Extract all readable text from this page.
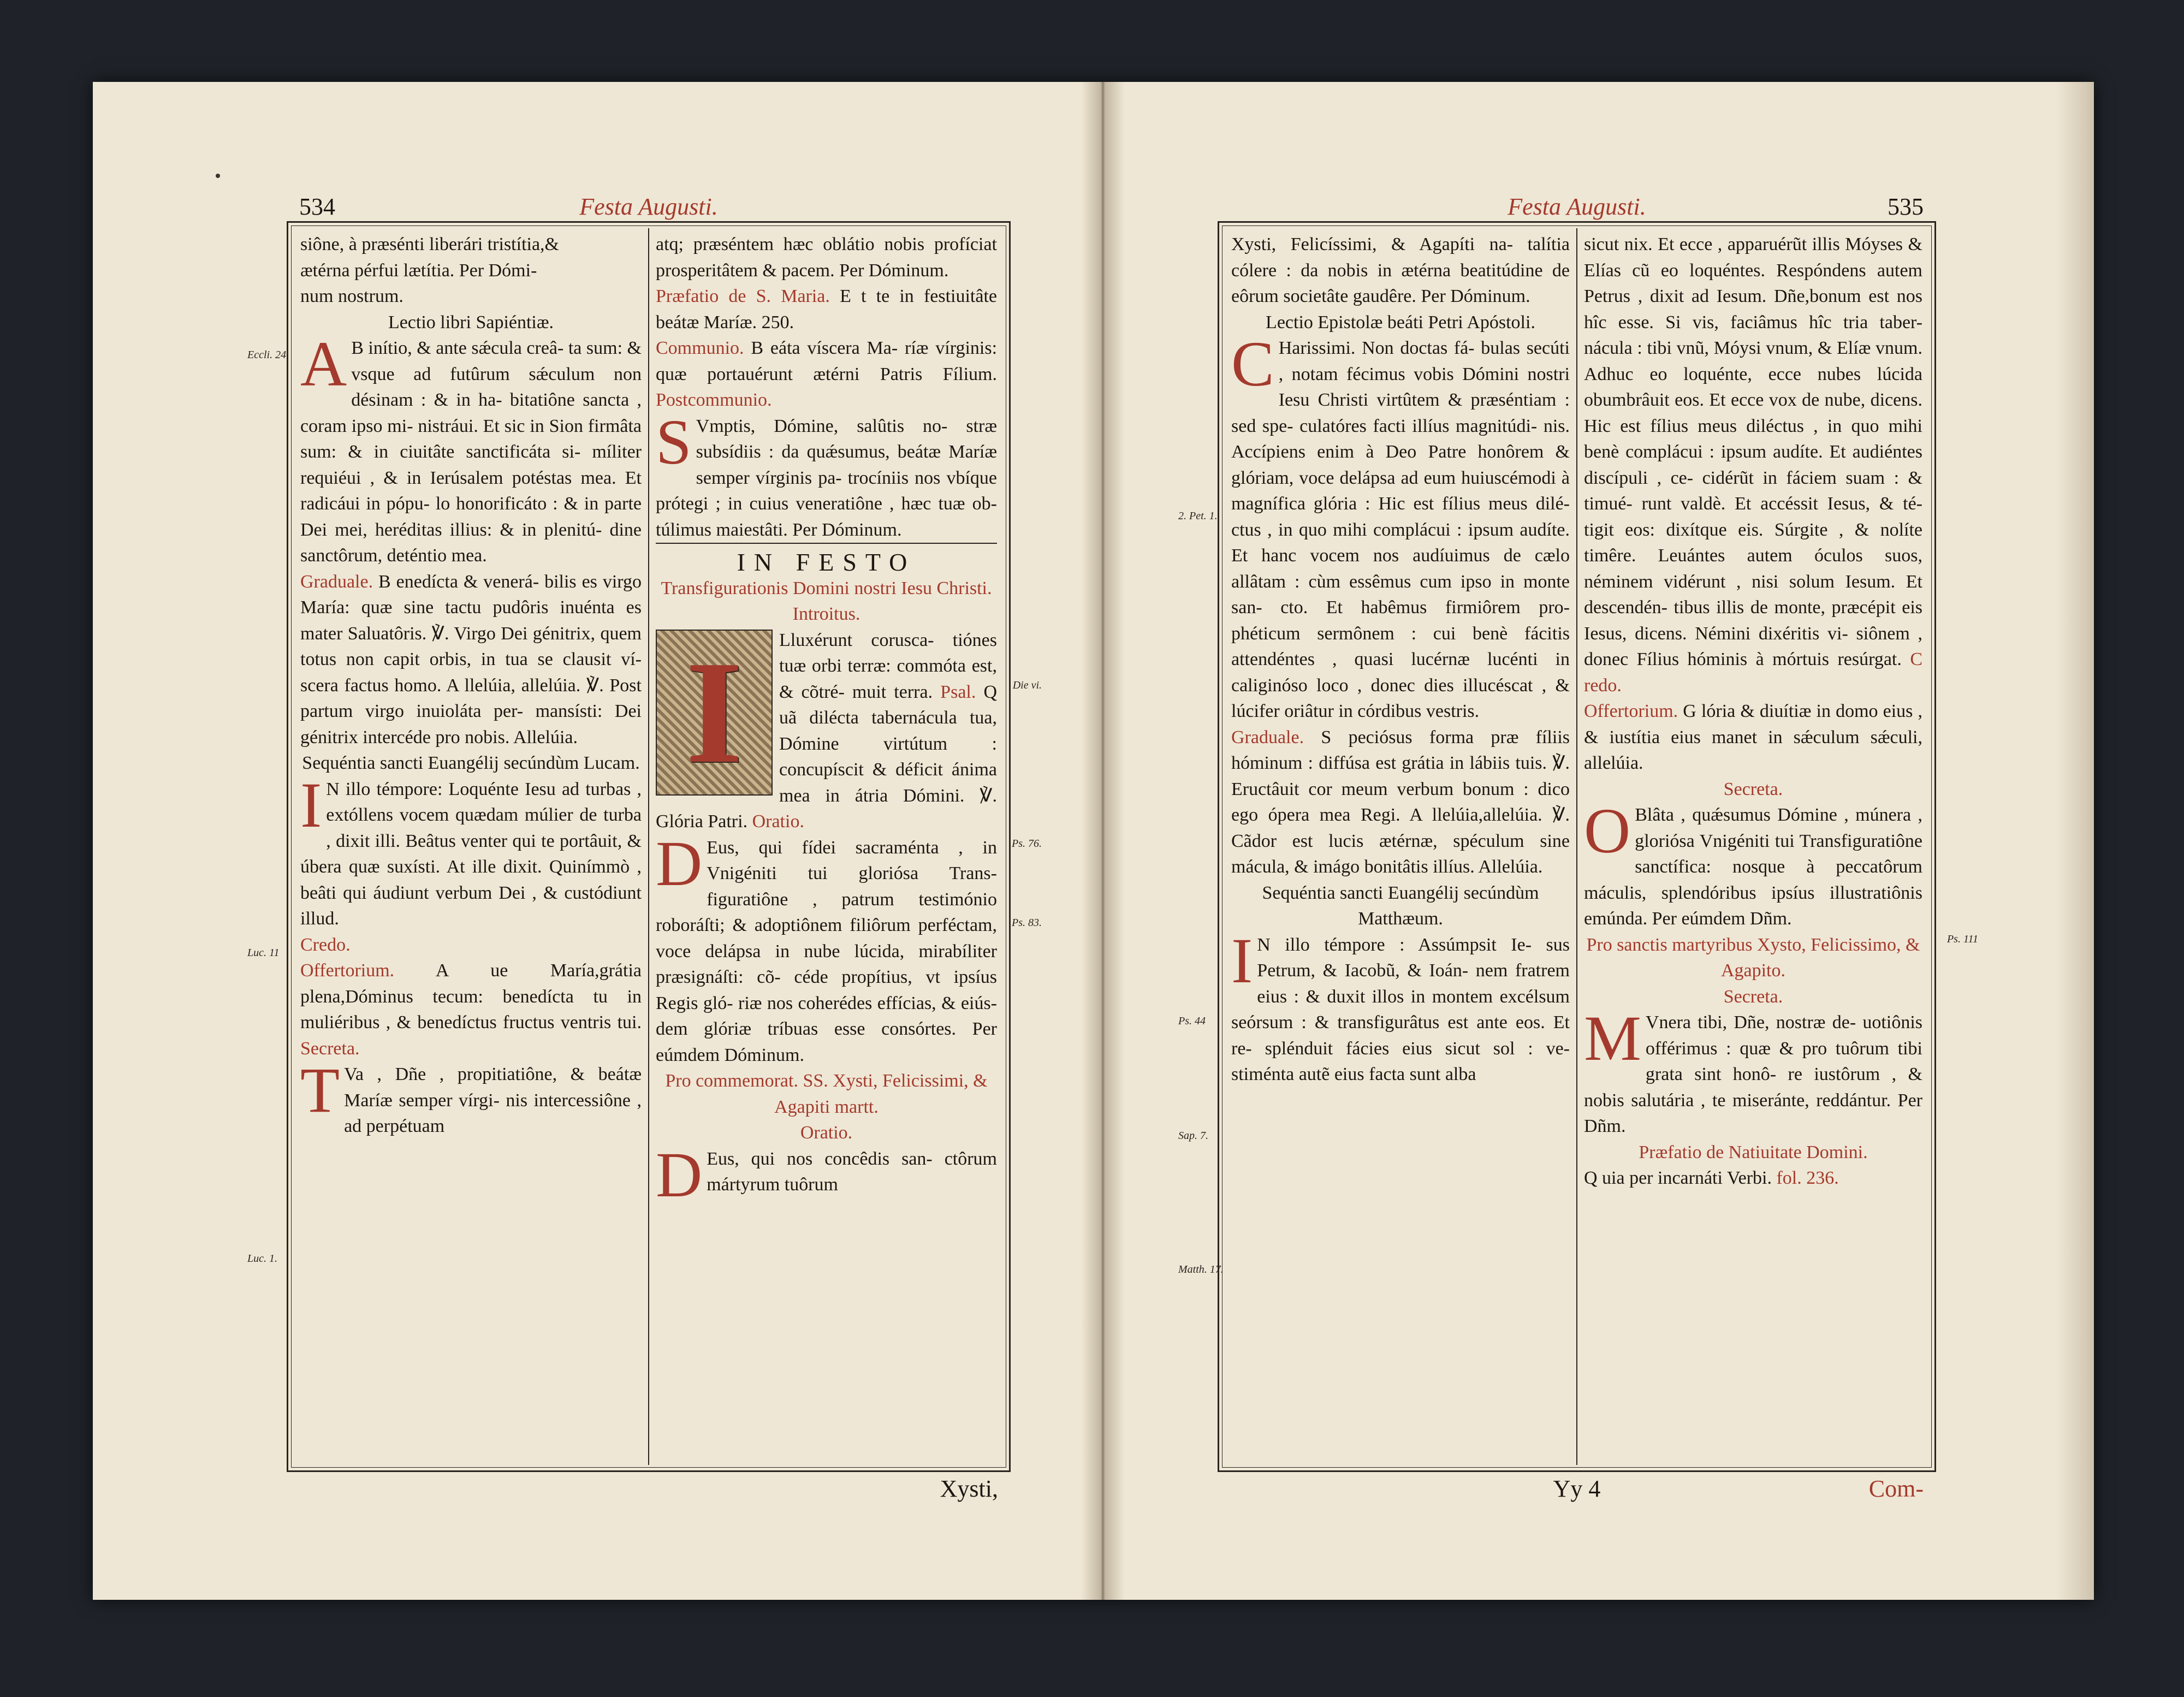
534	Festa Augusti.
Eccli. 24.
Luc. 11
Luc. 1.
Die vi.
Ps. 76.
Ps. 83.

siône, à præsénti liberári tristítia,&

ætérna pérfui lætítia. Per Dómi-

num nostrum.

Lectio libri Sapiéntiæ.

A B inítio, & ante sǽcula creâ- ta sum: & vsque ad futûrum sǽculum non désinam : & in ha- bitatiône sancta , coram ipso mi- nistráui. Et sic in Sion firmâta sum: & in ciuitâte sanctificáta si- míliter requiéui , & in Ierúsalem potéstas mea. Et radicáui in pópu- lo honorificáto : & in parte Dei mei, heréditas illius: & in plenitú- dine sanctôrum, deténtio mea.

Graduale. B enedícta & venerá- bilis es virgo María: quæ sine tactu pudôris inuénta es mater Saluatôris. ℣. Virgo Dei génitrix, quem totus non capit orbis, in tua se clausit ví- scera factus homo. A llelúia, allelúia. ℣. Post partum virgo inuioláta per- mansísti: Dei génitrix intercéde pro nobis. Allelúia.

Sequéntia sancti Euangélij secúndùm Lucam.

I N illo témpore: Loquénte Iesu ad turbas , extóllens vocem quædam múlier de turba , dixit illi. Beâtus venter qui te portâuit, & úbera quæ suxísti. At ille dixit. Quinímmò , beâti qui áudiunt verbum Dei , & custódiunt illud.

Credo.

Offertorium. A ue María,grátia plena,Dóminus tecum: benedícta tu in muliéribus , & benedíctus fructus ventris tui. Secreta.

T Va , Dñe , propitiatiône, & beátæ Maríæ semper vírgi- nis intercessiône , ad perpétuam

atq; præséntem hæc oblátio nobis profíciat prosperitâtem & pacem. Per Dóminum.

Præfatio de S. Maria. E t te in festiuitâte beátæ Maríæ. 250.

Communio. B eáta víscera Ma- ríæ vírginis: quæ portauérunt ætérni Patris Fílium. Postcommunio.

S Vmptis, Dómine, salûtis no- stræ subsídiis : da quǽsumus, beátæ Maríæ semper vírginis pa- trocíniis nos vbíque prótegi ; in cuius veneratiône , hæc tuæ ob- túlimus maiestâti. Per Dóminum.

IN FESTO

Transfigurationis Domini nostri Iesu Christi.

Introitus.

I	Lluxérunt corusca- tiónes tuæ orbi terræ: commóta est, & cõtré- muit terra. Psal. Q uã dilécta tabernácula tua, Dómine virtútum : concupíscit & déficit ánima mea in átria Dómini. ℣. Glória Patri. Oratio.

D Eus, qui fídei sacraménta , in Vnigéniti tui gloriósa Trans- figuratiône , patrum testimónio roboráſti; & adoptiônem filiôrum perféctam, voce delápsa in nube lúcida, mirabíliter præsignáſti: cõ- céde propítius, vt ipsíus Regis gló- riæ nos coherédes effícias, & eiús- dem glóriæ tríbuas esse consórtes. Per eúmdem Dóminum.

Pro commemorat. SS. Xysti, Felicissimi, & Agapiti martt.

Oratio.

D Eus, qui nos concêdis san- ctôrum mártyrum tuôrum

Xysti,
Festa Augusti.	535
2. Pet. 1.
Ps. 44
Sap. 7.
Matth. 17.
Ps. 111

Xysti, Felicíssimi, & Agapíti na- talítia cólere : da nobis in ætérna beatitúdine de eôrum societâte gaudêre. Per Dóminum.

Lectio Epistolæ beáti Petri Apóstoli.

C Harissimi. Non doctas fá- bulas secúti , notam fécimus vobis Dómini nostri Iesu Christi virtûtem & præséntiam : sed spe- culatóres facti illíus magnitúdi- nis. Accípiens enim à Deo Patre honôrem & glóriam, voce delápsa ad eum huiuscémodi à magnífica glória : Hic est fílius meus dilé- ctus , in quo mihi complácui : ipsum audíte. Et hanc vocem nos audíuimus de cælo allâtam : cùm essêmus cum ipso in monte san- cto. Et habêmus firmiôrem pro- phéticum sermônem : cui benè fácitis attendéntes , quasi lucérnæ lucénti in caliginóso loco , donec dies illucéscat , & lúcifer oriâtur in córdibus vestris.

Graduale. S peciósus forma præ fíliis hóminum : diffúsa est grátia in lábiis tuis. ℣. Eructâuit cor meum verbum bonum : dico ego ópera mea Regi. A llelúia,allelúia. ℣. Cãdor est lucis ætérnæ, spéculum sine mácula, & imágo bonitâtis illíus. Allelúia.

Sequéntia sancti Euangélij secúndùm Matthæum.

I N illo témpore : Assúmpsit Ie- sus Petrum, & Iacobũ, & Ioán- nem fratrem eius : & duxit illos in montem excélsum seórsum : & transfigurâtus est ante eos. Et re- splénduit fácies eius sicut sol : ve- stiménta autẽ eius facta sunt alba

sicut nix. Et ecce , apparuérũt illis Móyses & Elías cũ eo loquéntes. Respóndens autem Petrus , dixit ad Iesum. Dñe,bonum est nos hîc esse. Si vis, faciâmus hîc tria taber- nácula : tibi vnũ, Móysi vnum, & Elíæ vnum. Adhuc eo loquénte, ecce nubes lúcida obumbrâuit eos. Et ecce vox de nube, dicens. Hic est fílius meus diléctus , in quo mihi benè complácui : ipsum audíte. Et audiéntes discípuli , ce- cidérũt in fáciem suam : & timué- runt valdè. Et accéssit Iesus, & té- tigit eos: dixítque eis. Súrgite , & nolíte timêre. Leuántes autem óculos suos, néminem vidérunt , nisi solum Iesum. Et descendén- tibus illis de monte, præcépit eis Iesus, dicens. Némini dixéritis vi- siônem , donec Fílius hóminis à mórtuis resúrgat. C redo.

Offertorium. G lória & diuítiæ in domo eius , & iustítia eius manet in sǽculum sǽculi, allelúia.

Secreta.

O Blâta , quǽsumus Dómine , múnera , gloriósa Vnigéniti tui Transfiguratiône sanctífica: nosque à peccatôrum máculis, splendóribus ipsíus illustratiônis emúnda. Per eúmdem Dñm.

Pro sanctis martyribus Xysto, Felicissimo, & Agapito.

Secreta.

M Vnera tibi, Dñe, nostræ de- uotiônis offérimus : quæ & pro tuôrum tibi grata sint honô- re iustôrum , & nobis salutária , te miseránte, reddántur. Per Dñm.

Præfatio de Natiuitate Domini.

Q uia per incarnáti Verbi. fol. 236.

Yy 4	Com-
